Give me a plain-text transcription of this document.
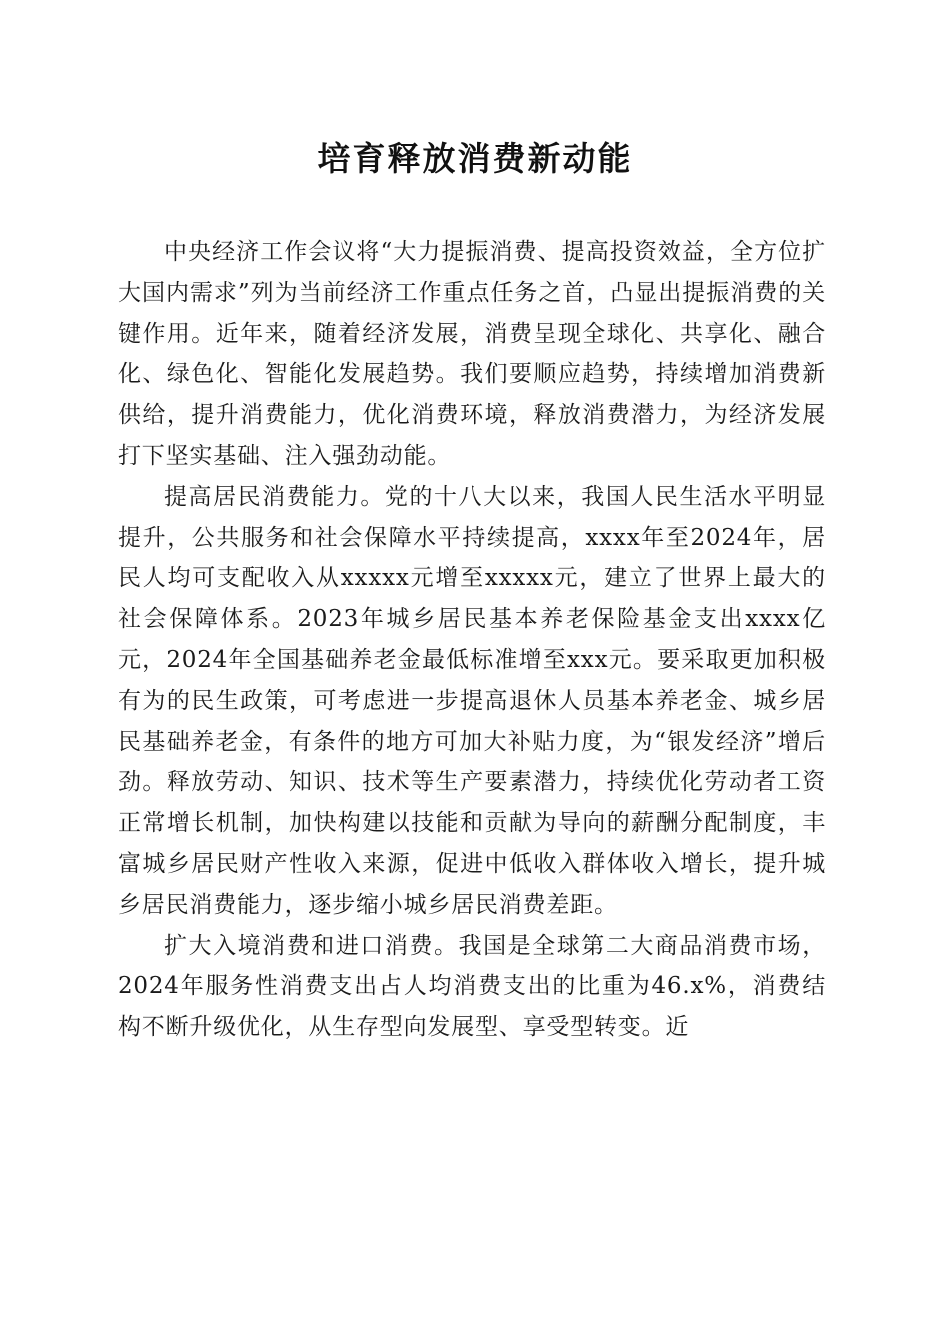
培育释放消费新动能

中央经济工作会议将“大力提振消费、提高投资效益，全方位扩大国内需求”列为当前经济工作重点任务之首，凸显出提振消费的关键作用。近年来，随着经济发展，消费呈现全球化、共享化、融合化、绿色化、智能化发展趋势。我们要顺应趋势，持续增加消费新供给，提升消费能力，优化消费环境，释放消费潜力，为经济发展打下坚实基础、注入强劲动能。

提高居民消费能力。党的十八大以来，我国人民生活水平明显提升，公共服务和社会保障水平持续提高，xxxx年至2024年，居民人均可支配收入从xxxxx元增至xxxxx元，建立了世界上最大的社会保障体系。2023年城乡居民基本养老保险基金支出xxxx亿元，2024年全国基础养老金最低标准增至xxx元。要采取更加积极有为的民生政策，可考虑进一步提高退休人员基本养老金、城乡居民基础养老金，有条件的地方可加大补贴力度，为“银发经济”增后劲。释放劳动、知识、技术等生产要素潜力，持续优化劳动者工资正常增长机制，加快构建以技能和贡献为导向的薪酬分配制度，丰富城乡居民财产性收入来源，促进中低收入群体收入增长，提升城乡居民消费能力，逐步缩小城乡居民消费差距。

扩大入境消费和进口消费。我国是全球第二大商品消费市场，2024年服务性消费支出占人均消费支出的比重为46.x%，消费结构不断升级优化，从生存型向发展型、享受型转变。近
